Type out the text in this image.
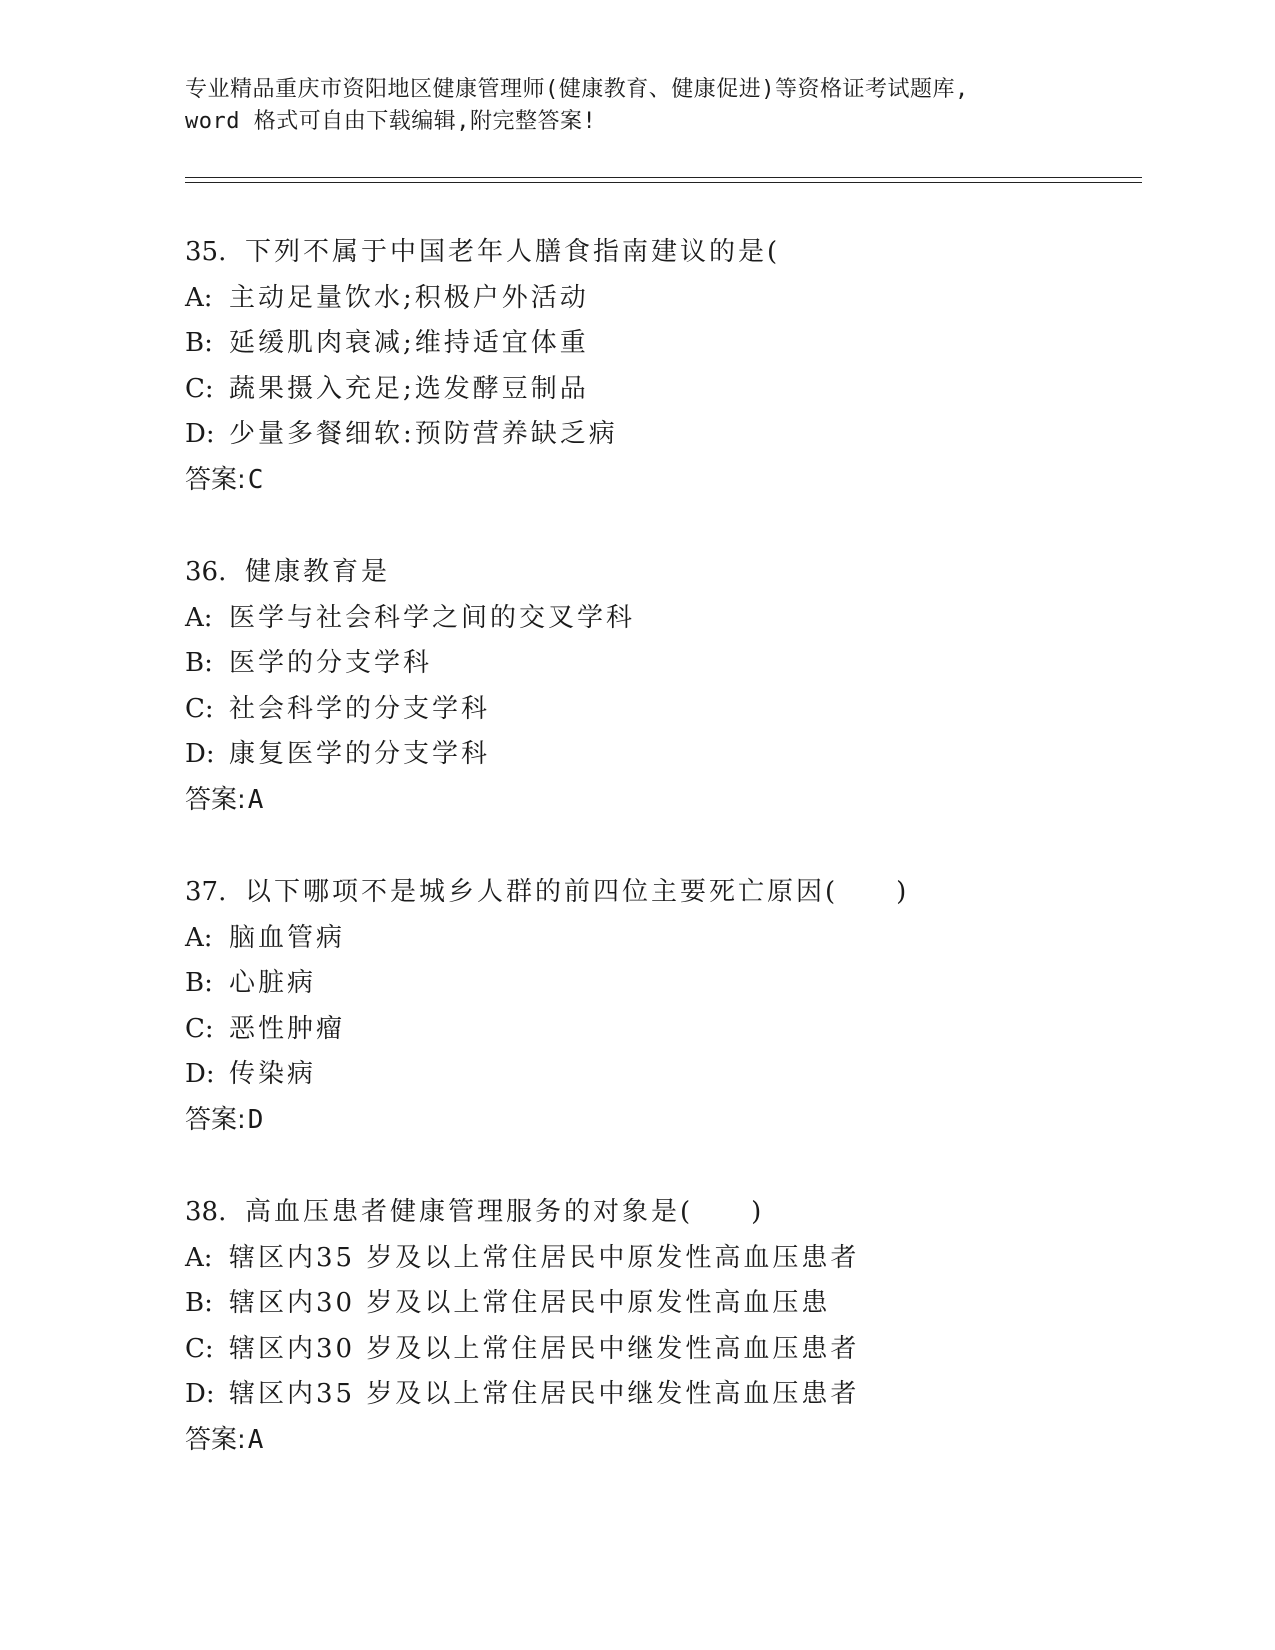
专业精品重庆市资阳地区健康管理师(健康教育、健康促进)等资格证考试题库,
word 格式可自由下载编辑,附完整答案!
35. 下列不属于中国老年人膳食指南建议的是(
A: 主动足量饮水;积极户外活动
B: 延缓肌肉衰减;维持适宜体重
C: 蔬果摄入充足;选发酵豆制品
D: 少量多餐细软:预防营养缺乏病
答案:C
36. 健康教育是
A: 医学与社会科学之间的交叉学科
B: 医学的分支学科
C: 社会科学的分支学科
D: 康复医学的分支学科
答案:A
37. 以下哪项不是城乡人群的前四位主要死亡原因(　　)
A: 脑血管病
B: 心脏病
C: 恶性肿瘤
D: 传染病
答案:D
38. 高血压患者健康管理服务的对象是(　　)
A: 辖区内35 岁及以上常住居民中原发性高血压患者
B: 辖区内30 岁及以上常住居民中原发性高血压患
C: 辖区内30 岁及以上常住居民中继发性高血压患者
D: 辖区内35 岁及以上常住居民中继发性高血压患者
答案:A
